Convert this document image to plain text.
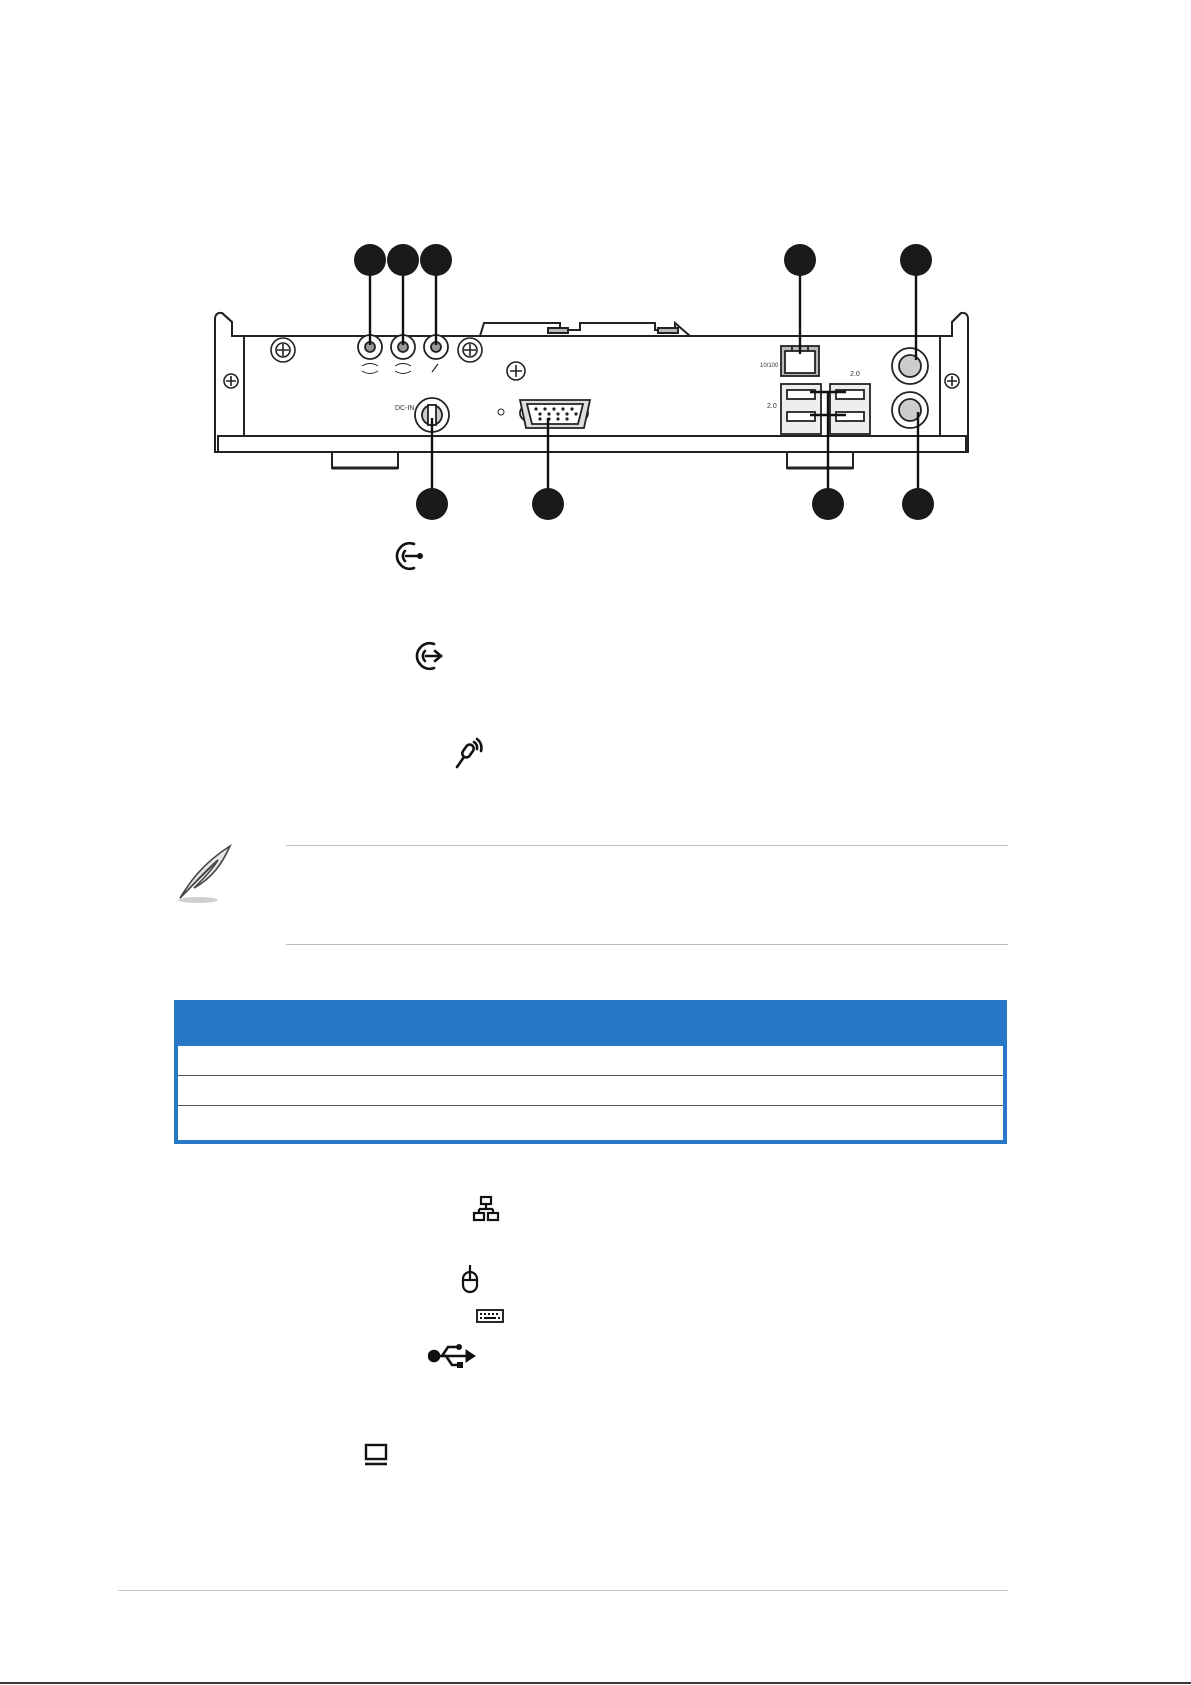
DC-IN
10/100
2.0
2.0
